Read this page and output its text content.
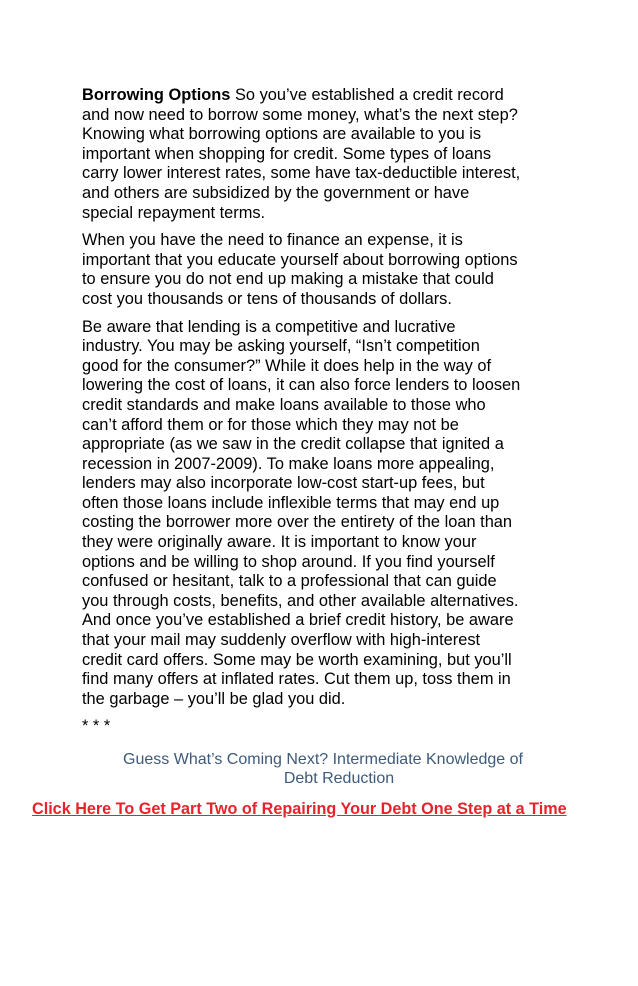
Borrowing Options So you’ve established a credit record
and now need to borrow some money, what’s the next step?
Knowing what borrowing options are available to you is
important when shopping for credit. Some types of loans
carry lower interest rates, some have tax-deductible interest,
and others are subsidized by the government or have
special repayment terms.

When you have the need to finance an expense, it is
important that you educate yourself about borrowing options
to ensure you do not end up making a mistake that could
cost you thousands or tens of thousands of dollars.

Be aware that lending is a competitive and lucrative
industry. You may be asking yourself, “Isn’t competition
good for the consumer?” While it does help in the way of
lowering the cost of loans, it can also force lenders to loosen
credit standards and make loans available to those who
can’t afford them or for those which they may not be
appropriate (as we saw in the credit collapse that ignited a
recession in 2007-2009). To make loans more appealing,
lenders may also incorporate low-cost start-up fees, but
often those loans include inflexible terms that may end up
costing the borrower more over the entirety of the loan than
they were originally aware. It is important to know your
options and be willing to shop around. If you find yourself
confused or hesitant, talk to a professional that can guide
you through costs, benefits, and other available alternatives.
And once you’ve established a brief credit history, be aware
that your mail may suddenly overflow with high-interest
credit card offers. Some may be worth examining, but you’ll
find many offers at inflated rates. Cut them up, toss them in
the garbage – you’ll be glad you did.

* * *

Guess What’s Coming Next? Intermediate Knowledge of
Debt Reduction
Click Here To Get Part Two of Repairing Your Debt One Step at a Time
